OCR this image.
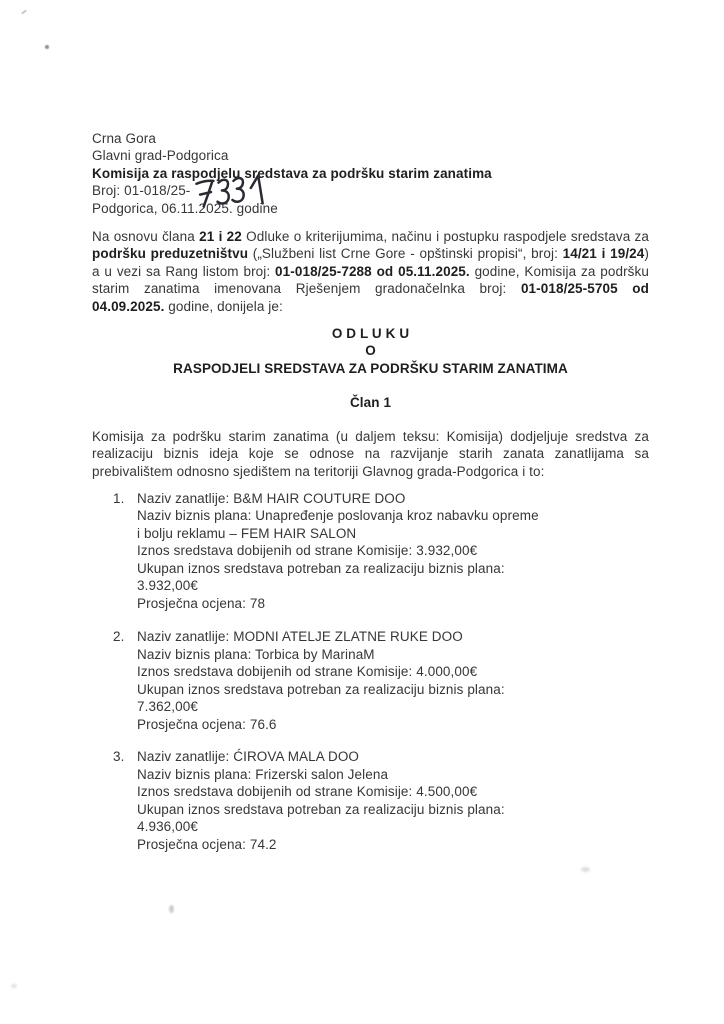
Crna Gora
Glavni grad-Podgorica
Komisija za raspodjelu sredstava za podršku starim zanatima
Broj: 01-018/25-
Podgorica, 06.11.2025. godine

Na osnovu člana 21 i 22 Odluke o kriterijumima, načinu i postupku raspodjele sredstava za podršku preduzetništvu („Službeni list Crne Gore - opštinski propisi“, broj: 14/21 i 19/24) a u vezi sa Rang listom broj: 01-018/25-7288 od 05.11.2025. godine, Komisija za podršku starim zanatima imenovana Rješenjem gradonačelnka broj: 01-018/25-5705 od 04.09.2025. godine, donijela je:

O D L U K U
O
RASPODJELI SREDSTAVA ZA PODRŠKU STARIM ZANATIMA
Član 1

Komisija za podršku starim zanatima (u daljem teksu: Komisija) dodjeljuje sredstva za realizaciju biznis ideja koje se odnose na razvijanje starih zanata zanatlijama sa prebivalištem odnosno sjedištem na teritoriji Glavnog grada-Podgorica i to:

1. Naziv zanatlije: B&M HAIR COUTURE DOO
Naziv biznis plana: Unapređenje poslovanja kroz nabavku opreme
i bolju reklamu – FEM HAIR SALON
Iznos sredstava dobijenih od strane Komisije: 3.932,00€
Ukupan iznos sredstava potreban za realizaciju biznis plana:
3.932,00€
Prosječna ocjena: 78
2. Naziv zanatlije: MODNI ATELJE ZLATNE RUKE DOO
Naziv biznis plana: Torbica by MarinaM
Iznos sredstava dobijenih od strane Komisije: 4.000,00€
Ukupan iznos sredstava potreban za realizaciju biznis plana:
7.362,00€
Prosječna ocjena: 76.6
3. Naziv zanatlije: ĆIROVA MALA DOO
Naziv biznis plana: Frizerski salon Jelena
Iznos sredstava dobijenih od strane Komisije: 4.500,00€
Ukupan iznos sredstava potreban za realizaciju biznis plana:
4.936,00€
Prosječna ocjena: 74.2
